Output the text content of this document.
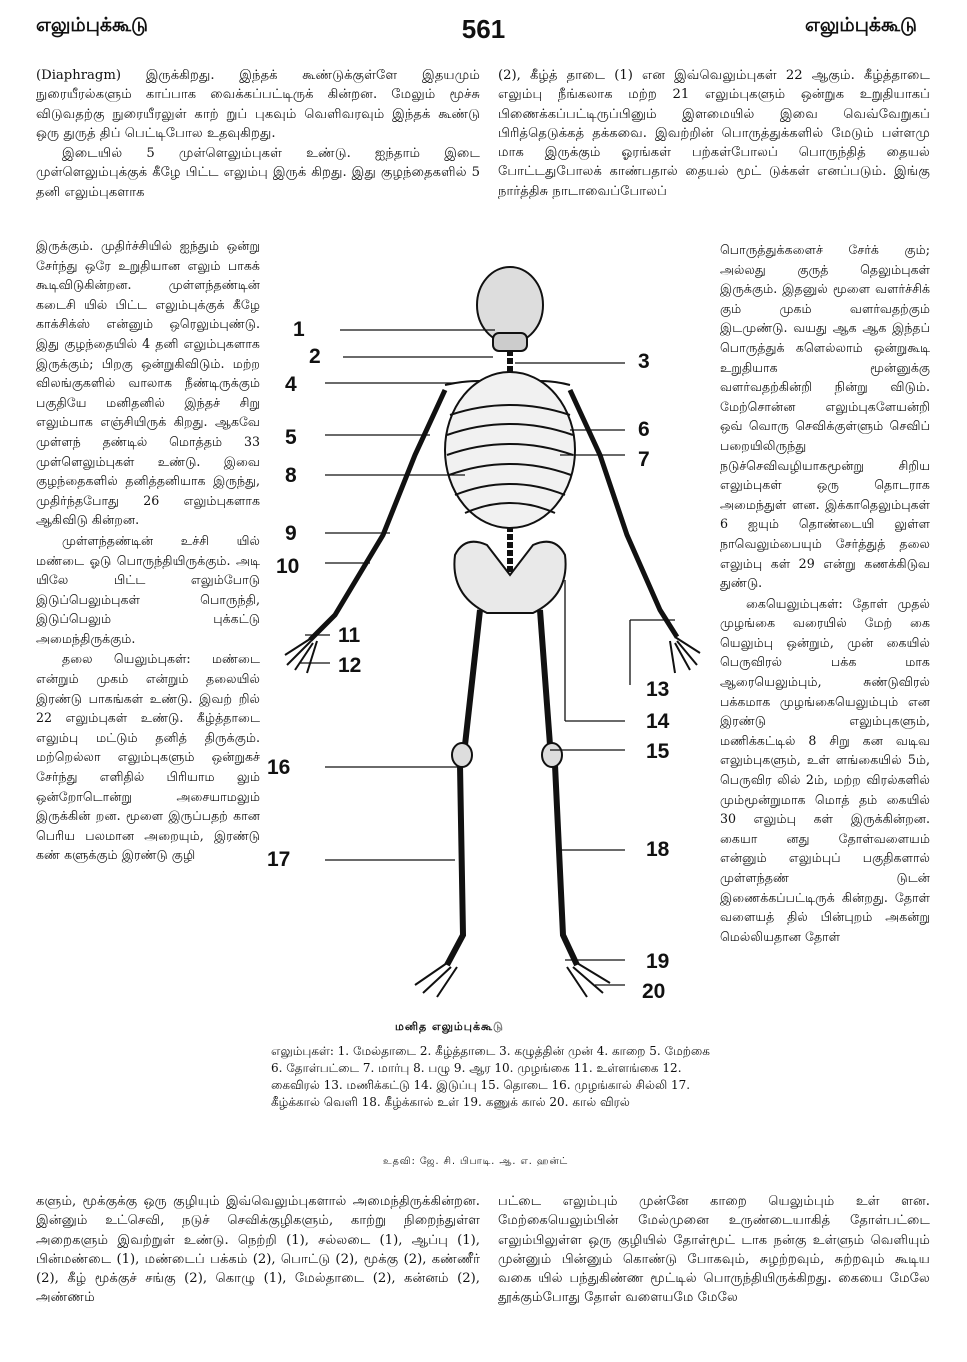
எலும்புக்கூடு	561	எலும்புக்கூடு

(Diaphragm) இருக்கிறது. இந்தக் கூண்டுக்குள்ளே இதயமும் நுரையீரல்களும் காப்பாக வைக்கப்பட்டிருக் கின்றன. மேலும் மூச்சு விடுவதற்கு நுரையீரலுள் காற் றுப் புகவும் வெளிவரவும் இந்தக் கூண்டு ஒரு துருத் திப் பெட்டிபோல உதவுகிறது.

இடையில் 5 முள்ளெலும்புகள் உண்டு. ஐந்தாம் இடை முள்ளெலும்புக்குக் கீழே பிட்ட எலும்பு இருக் கிறது. இது குழந்தைகளில் 5 தனி எலும்புகளாக

இருக்கும். முதிர்ச்சியில் ஐந்தும் ஒன்று சேர்ந்து ஒரே உறுதியான எலும் பாகக் கூடிவிடுகின்றன. முள்ளந்தண்டின் கடைசி யில் பிட்ட எலும்புக்குக் கீழே காக்சிக்ஸ் என்னும் ஒரெலும்புண்டு. இது குழந்தையில் 4 தனி எலும்புகளாக இருக்கும்; பிறகு ஒன்றுகிவிடும். மற்ற விலங்குகளில் வாலாக நீண்டிருக்கும் பகுதியே மனிதனில் இந்தச் சிறு எலும்பாக எஞ்சியிருக் கிறது. ஆகவே முள்ளந் தண்டில் மொத்தம் 33 முள்ளெலும்புகள் உண்டு. இவை குழந்தைகளில் தனித்தனியாக இருந்து, முதிர்ந்தபோது 26 எலும்புகளாக ஆகிவிடு கின்றன.

முள்ளந்தண்டின் உச்சி யில் மண்டை ஓடு பொருந்தியிருக்கும். அடி யிலே பிட்ட எலும்போடு இடுப்பெலும்புகள் பொருந்தி, இடுப்பெலும் புக்கட்டு அமைந்திருக்கும்.

தலை யெலும்புகள்: மண்டை என்றும் முகம் என்றும் தலையில் இரண்டு பாகங்கள் உண்டு. இவற் றில் 22 எலும்புகள் உண்டு. கீழ்த்தாடை எலும்பு மட்டும் தனித் திருக்கும். மற்றெல்லா எலும்புகளும் ஒன்றுகச் சேர்ந்து எளிதில் பிரியாம லும் ஒன்றோடொன்று அசையாமலும் இருக்கின் றன. மூளை இருப்பதற் கான பெரிய பலமான அறையும், இரண்டு கண் களுக்கும் இரண்டு குழி

களும், மூக்குக்கு ஒரு குழியும் இவ்வெலும்புகளால் அமைந்திருக்கின்றன. இன்னும் உட்செவி, நடுச் செவிக்குழிகளும், காற்று நிறைந்துள்ள அறைகளும் இவற்றுள் உண்டு. நெற்றி (1), சல்லடை (1), ஆப்பு (1), பின்மண்டை (1), மண்டைப் பக்கம் (2), பொட்டு (2), மூக்கு (2), கண்ணீர் (2), கீழ் மூக்குச் சங்கு (2), கொழு (1), மேல்தாடை (2), கன்னம் (2), அண்ணம்

(2), கீழ்த் தாடை (1) என இவ்வெலும்புகள் 22 ஆகும். கீழ்த்தாடை எலும்பு நீங்கலாக மற்ற 21 எலும்புகளும் ஒன்றுக உறுதியாகப் பிணைக்கப்பட்டிருப்பினும் இளமையில் இவை வெவ்வேறுகப் பிரித்தெடுக்கத் தக்கவை. இவற்றின் பொருத்துக்களில் மேடும் பள்ளமு மாக இருக்கும் ஓரங்கள் பற்கள்போலப் பொருந்தித் தையல் போட்டதுபோலக் காண்பதால் தையல் மூட் டுக்கள் எனப்படும். இங்கு நார்த்திசு நாடாவைப்போலப்

பொருத்துக்களைச் சேர்க் கும்; அல்லது குருத் தெலும்புகள் இருக்கும். இதனுல் மூளை வளர்ச்சிக் கும் முகம் வளர்வதற்கும் இடமுண்டு. வயது ஆக ஆக இந்தப் பொருத்துக் களெல்லாம் ஒன்றுகூடி உறுதியாக மூன்னுக்கு வளர்வதற்கின்றி நின்று விடும். மேற்சொன்ன எலும்புகளேயன்றி ஒவ் வொரு செவிக்குள்ளும் செவிப் பறையிலிருந்து நடுச்செவிவழியாகமூன்று சிறிய எலும்புகள் ஒரு தொடராக அமைந்துள் ளன. இக்காதெலும்புகள் 6 ஐயும் தொண்டையி லுள்ள நாவெலும்பையும் சேர்த்துத் தலை எலும்பு கள் 29 என்று கணக்கிடுவ துண்டு.

கையெலும்புகள்: தோள் முதல் முழங்கை வரையில் மேற் கை யெலும்பு ஒன்றும், முன் கையில் பெருவிரல் பக்க மாக ஆரையெலும்பும், சுண்டுவிரல் பக்கமாக முழங்கையெலும்பும் என இரண்டு எலும்புகளும், மணிக்கட்டில் 8 சிறு கன வடிவ எலும்புகளும், உள் ளங்கையில் 5ம், பெருவிர லில் 2ம், மற்ற விரல்களில் மும்மூன்றுமாக மொத் தம் கையில் 30 எலும்பு கள் இருக்கின்றன. கையா னது தோள்வளையம் என்னும் எலும்புப் பகுதிகளால் முள்ளந்தண் டுடன் இணைக்கப்பட்டிருக் கின்றது. தோள் வளையத் தில் பின்புறம் அகன்று மெல்லியதான தோள்

பட்டை எலும்பும் முன்னே காறை யெலும்பும் உள் ளன. மேற்கையெலும்பின் மேல்முனை உருண்டையாகித் தோள்பட்டை எலும்பிலுள்ள ஒரு குழியில் தோள்மூட் டாக நன்கு உள்ளும் வெளியும் முன்னும் பின்னும் கொண்டு போகவும், சுழற்றவும், சுற்றவும் கூடிய வகை யில் பந்துகிண்ண மூட்டில் பொருந்தியிருக்கிறது. கையை மேலே தூக்கும்போது தோள் வளையமே மேலே

1
2	3
4
5	6
7
8
9
10
11
12
13
14
15
16
17	18
19
20
மனித எலும்புக்கூடு
எலும்புகள்: 1. மேல்தாடை 2. கீழ்த்தாடை 3. கழுத்தின் முன் 4. காறை 5. மேற்கை 6. தோள்பட்டை 7. மார்பு 8. பழு 9. ஆர 10. முழங்கை 11. உள்ளங்கை 12. கைவிரல் 13. மணிக்கட்டு 14. இடுப்பு 15. தொடை 16. முழங்கால் சில்லி 17. கீழ்க்கால் வெளி 18. கீழ்க்கால் உள் 19. கணுக் கால் 20. கால் விரல்
உதவி: ஜே. சி. பிபாடி. ஆ. எ. ஹன்ட்
